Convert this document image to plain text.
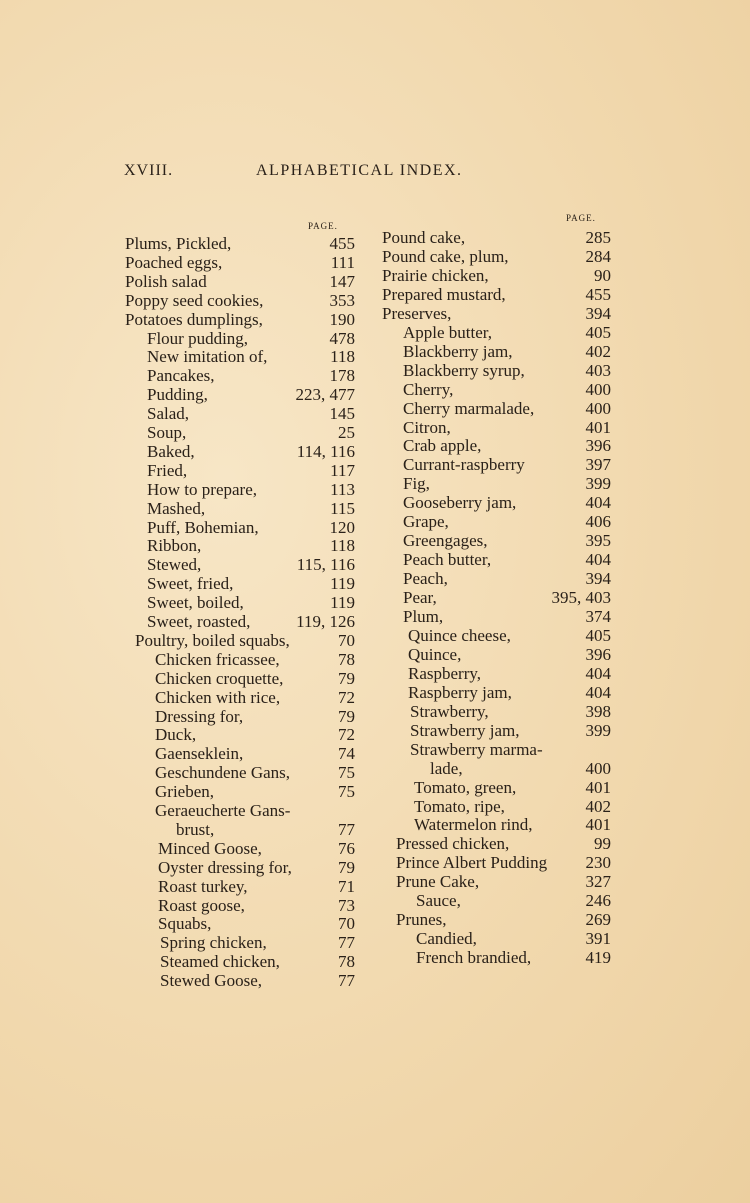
XVIII.	ALPHABETICAL INDEX.
PAGE.
Plums, Pickled,	455
Poached eggs,	111
Polish salad	147
Poppy seed cookies,	353
Potatoes dumplings,	190
Flour pudding,	478
New imitation of,	118
Pancakes,	178
Pudding,	223, 477
Salad,	145
Soup,	25
Baked,	114, 116
Fried,	117
How to prepare,	113
Mashed,	115
Puff, Bohemian,	120
Ribbon,	118
Stewed,	115, 116
Sweet, fried,	119
Sweet, boiled,	119
Sweet, roasted,	119, 126
Poultry, boiled squabs,	70
Chicken fricassee,	78
Chicken croquette,	79
Chicken with rice,	72
Dressing for,	79
Duck,	72
Gaenseklein,	74
Geschundene Gans,	75
Grieben,	75
Geraeucherte Gans-
brust,	77
Minced Goose,	76
Oyster dressing for,	79
Roast turkey,	71
Roast goose,	73
Squabs,	70
Spring chicken,	77
Steamed chicken,	78
Stewed Goose,	77
PAGE.
Pound cake,	285
Pound cake, plum,	284
Prairie chicken,	90
Prepared mustard,	455
Preserves,	394
Apple butter,	405
Blackberry jam,	402
Blackberry syrup,	403
Cherry,	400
Cherry marmalade,	400
Citron,	401
Crab apple,	396
Currant-raspberry	397
Fig,	399
Gooseberry jam,	404
Grape,	406
Greengages,	395
Peach butter,	404
Peach,	394
Pear,	395, 403
Plum,	374
Quince cheese,	405
Quince,	396
Raspberry,	404
Raspberry jam,	404
Strawberry,	398
Strawberry jam,	399
Strawberry marma-
lade,	400
Tomato, green,	401
Tomato, ripe,	402
Watermelon rind,	401
Pressed chicken,	99
Prince Albert Pudding 230
Prune Cake,	327
Sauce,	246
Prunes,	269
Candied,	391
French brandied,	419
